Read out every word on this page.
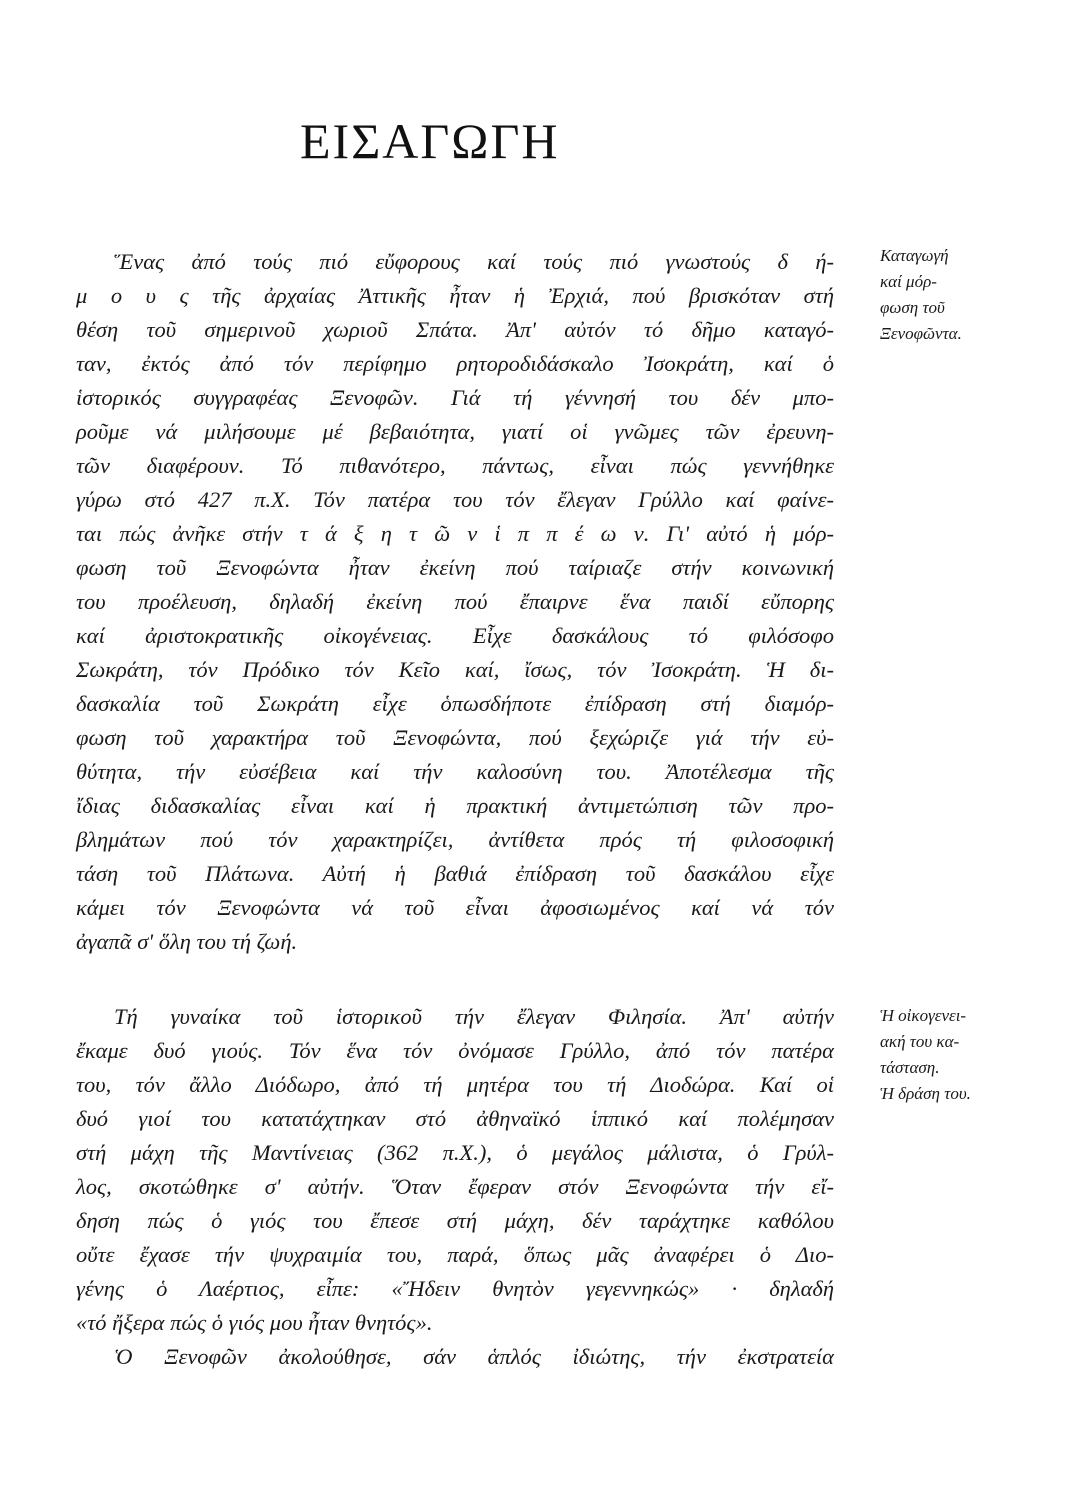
ΕΙΣΑΓΩΓΗ
Ἕνας ἀπό τούς πιό εὔφορους καί τούς πιό γνωστούς δ ή-
μ ο υ ς τῆς ἀρχαίας Ἀττικῆς ἦταν ἡ Ἐρχιά, πού βρισκόταν στή
θέση τοῦ σημερινοῦ χωριοῦ Σπάτα. Ἀπ' αὐτόν τό δῆμο καταγό-
ταν, ἐκτός ἀπό τόν περίφημο ρητοροδιδάσκαλο Ἰσοκράτη, καί ὁ
ἱστορικός συγγραφέας Ξενοφῶν. Γιά τή γέννησή του δέν μπο-
ροῦμε νά μιλήσουμε μέ βεβαιότητα, γιατί οἱ γνῶμες τῶν ἐρευνη-
τῶν διαφέρουν. Τό πιθανότερο, πάντως, εἶναι πώς γεννήθηκε
γύρω στό 427 π.Χ. Τόν πατέρα του τόν ἔλεγαν Γρύλλο καί φαίνε-
ται πώς ἀνῆκε στήν τ ά ξ η τ ῶ ν ἱ π π έ ω ν. Γι' αὐτό ἡ μόρ-
φωση τοῦ Ξενοφώντα ἦταν ἐκείνη πού ταίριαζε στήν κοινωνική
του προέλευση, δηλαδή ἐκείνη πού ἔπαιρνε ἕνα παιδί εὔπορης
καί ἀριστοκρατικῆς οἰκογένειας. Εἶχε δασκάλους τό φιλόσοφο
Σωκράτη, τόν Πρόδικο τόν Κεῖο καί, ἴσως, τόν Ἰσοκράτη. Ἡ δι-
δασκαλία τοῦ Σωκράτη εἶχε ὁπωσδήποτε ἐπίδραση στή διαμόρ-
φωση τοῦ χαρακτήρα τοῦ Ξενοφώντα, πού ξεχώριζε γιά τήν εὐ-
θύτητα, τήν εὐσέβεια καί τήν καλοσύνη του. Ἀποτέλεσμα τῆς
ἴδιας διδασκαλίας εἶναι καί ἡ πρακτική ἀντιμετώπιση τῶν προ-
βλημάτων πού τόν χαρακτηρίζει, ἀντίθετα πρός τή φιλοσοφική
τάση τοῦ Πλάτωνα. Αὐτή ἡ βαθιά ἐπίδραση τοῦ δασκάλου εἶχε
κάμει τόν Ξενοφώντα νά τοῦ εἶναι ἀφοσιωμένος καί νά τόν
ἀγαπᾶ σ' ὅλη του τή ζωή.
Τή γυναίκα τοῦ ἱστορικοῦ τήν ἔλεγαν Φιλησία. Ἀπ' αὐτήν
ἔκαμε δυό γιούς. Τόν ἕνα τόν ὀνόμασε Γρύλλο, ἀπό τόν πατέρα
του, τόν ἄλλο Διόδωρο, ἀπό τή μητέρα του τή Διοδώρα. Καί οἱ
δυό γιοί του κατατάχτηκαν στό ἀθηναϊκό ἱππικό καί πολέμησαν
στή μάχη τῆς Μαντίνειας (362 π.Χ.), ὁ μεγάλος μάλιστα, ὁ Γρύλ-
λος, σκοτώθηκε σ' αὐτήν. Ὅταν ἔφεραν στόν Ξενοφώντα τήν εἴ-
δηση πώς ὁ γιός του ἔπεσε στή μάχη, δέν ταράχτηκε καθόλου
οὔτε ἔχασε τήν ψυχραιμία του, παρά, ὅπως μᾶς ἀναφέρει ὁ Διο-
γένης ὁ Λαέρτιος, εἶπε: «Ἤδειν θνητὸν γεγεννηκώς» · δηλαδή
«τό ἤξερα πώς ὁ γιός μου ἦταν θνητός».
Ὁ Ξενοφῶν ἀκολούθησε, σάν ἁπλός ἰδιώτης, τήν ἐκστρατεία
Καταγωγή
καί μόρ-
φωση τοῦ
Ξενοφῶντα.
Ἡ οἰκογενει-
ακή του κα-
τάσταση.
Ἡ δράση του.
